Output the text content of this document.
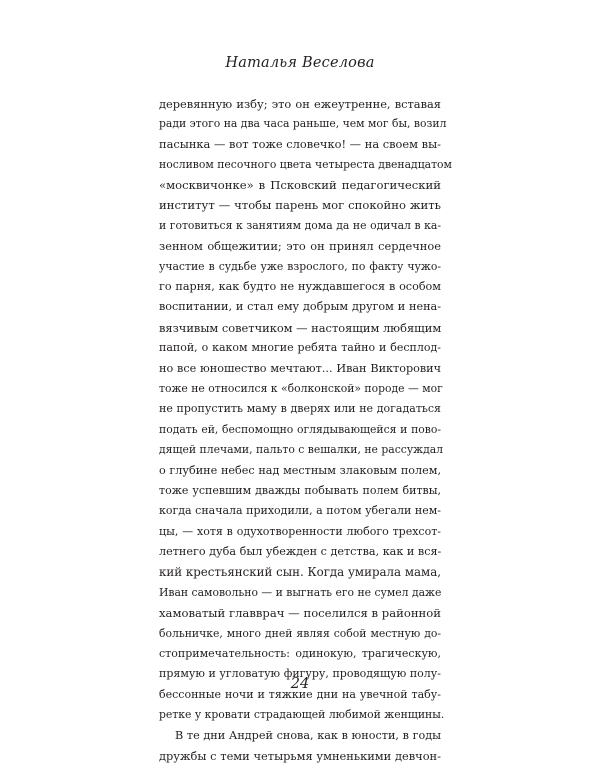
Наталья Веселова
деревянную избу; это он ежеутренне, вставая
ради этого на два часа раньше, чем мог бы, возил
пасынка — вот тоже словечко! — на своем вы-
носливом песочного цвета четыреста двенадцатом
«москвичонке» в Псковский педагогический
институт — чтобы парень мог спокойно жить
и готовиться к занятиям дома да не одичал в ка-
зенном общежитии; это он принял сердечное
участие в судьбе уже взрослого, по факту чужо-
го парня, как будто не нуждавшегося в особом
воспитании, и стал ему добрым другом и нена-
вязчивым советчиком — настоящим любящим
папой, о каком многие ребята тайно и бесплод-
но все юношество мечтают... Иван Викторович
тоже не относился к «болконской» породе — мог
не пропустить маму в дверях или не догадаться
подать ей, беспомощно оглядывающейся и пово-
дящей плечами, пальто с вешалки, не рассуждал
о глубине небес над местным злаковым полем,
тоже успевшим дважды побывать полем битвы,
когда сначала приходили, а потом убегали нем-
цы, — хотя в одухотворенности любого трехсот-
летнего дуба был убежден с детства, как и вся-
кий крестьянский сын. Когда умирала мама,
Иван самовольно — и выгнать его не сумел даже
хамоватый главврач — поселился в районной
больничке, много дней являя собой местную до-
стопримечательность: одинокую, трагическую,
прямую и угловатую фигуру, проводящую полу-
бессонные ночи и тяжкие дни на увечной табу-
ретке у кровати страдающей любимой женщины.
В те дни Андрей снова, как в юности, в годы
дружбы с теми четырьмя умненькими девчон-
24
